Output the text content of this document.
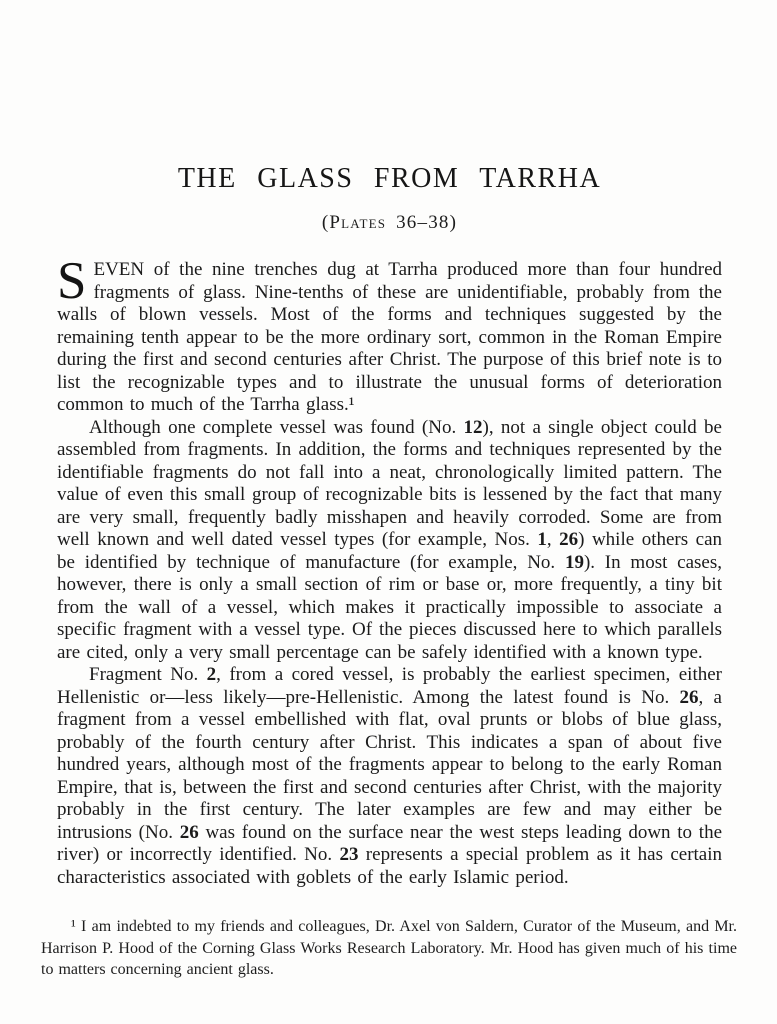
THE GLASS FROM TARRHA
(Plates 36–38)

SEVEN of the nine trenches dug at Tarrha produced more than four hundred fragments of glass. Nine-tenths of these are unidentifiable, probably from the walls of blown vessels. Most of the forms and techniques suggested by the remaining tenth appear to be the more ordinary sort, common in the Roman Empire during the first and second centuries after Christ. The purpose of this brief note is to list the recognizable types and to illustrate the unusual forms of deterioration common to much of the Tarrha glass.¹

Although one complete vessel was found (No. 12), not a single object could be assembled from fragments. In addition, the forms and techniques represented by the identifiable fragments do not fall into a neat, chronologically limited pattern. The value of even this small group of recognizable bits is lessened by the fact that many are very small, frequently badly misshapen and heavily corroded. Some are from well known and well dated vessel types (for example, Nos. 1, 26) while others can be identified by technique of manufacture (for example, No. 19). In most cases, however, there is only a small section of rim or base or, more frequently, a tiny bit from the wall of a vessel, which makes it practically impossible to associate a specific fragment with a vessel type. Of the pieces discussed here to which parallels are cited, only a very small percentage can be safely identified with a known type.

Fragment No. 2, from a cored vessel, is probably the earliest specimen, either Hellenistic or—less likely—pre-Hellenistic. Among the latest found is No. 26, a fragment from a vessel embellished with flat, oval prunts or blobs of blue glass, probably of the fourth century after Christ. This indicates a span of about five hundred years, although most of the fragments appear to belong to the early Roman Empire, that is, between the first and second centuries after Christ, with the majority probably in the first century. The later examples are few and may either be intrusions (No. 26 was found on the surface near the west steps leading down to the river) or incorrectly identified. No. 23 represents a special problem as it has certain characteristics associated with goblets of the early Islamic period.

¹ I am indebted to my friends and colleagues, Dr. Axel von Saldern, Curator of the Museum, and Mr. Harrison P. Hood of the Corning Glass Works Research Laboratory. Mr. Hood has given much of his time to matters concerning ancient glass.
